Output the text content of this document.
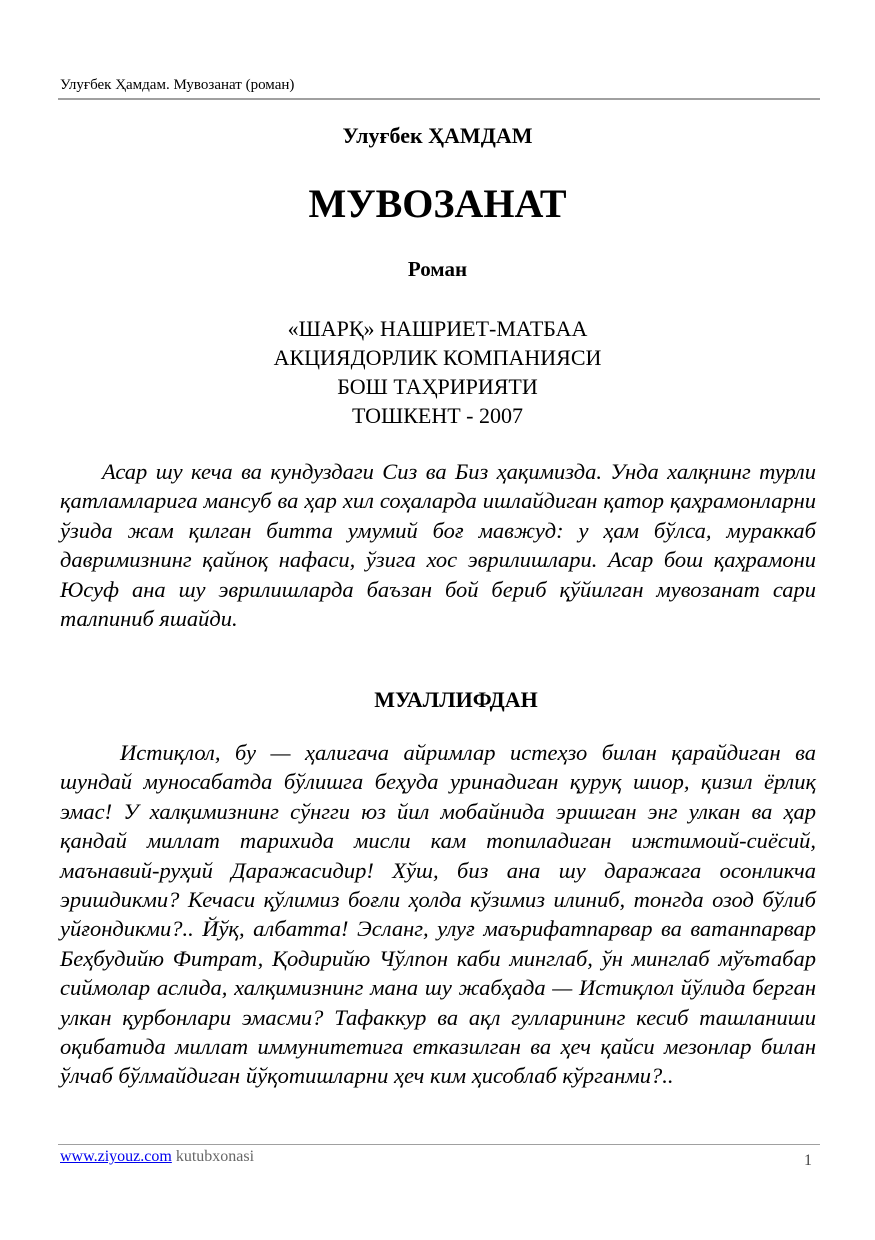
Улуғбек Ҳамдам. Мувозанат (роман)
Улуғбек ҲАМДАМ
МУВОЗАНАТ
Роман
«ШАРҚ» НАШРИЕТ-МАТБАА
АКЦИЯДОРЛИК КОМПАНИЯСИ
БОШ ТАҲРИРИЯТИ
ТОШКЕНТ - 2007

Асар шу кеча ва кундуздаги Сиз ва Биз ҳақимизда. Унда халқнинг турли қатламларига мансуб ва ҳар хил соҳаларда ишлайдиган қатор қаҳрамонларни ўзида жам қилган битта умумий боғ мавжуд: у ҳам бўлса, мураккаб давримизнинг қайноқ нафаси, ўзига хос эврилишлари. Асар бош қаҳрамони Юсуф ана шу эврилишларда баъзан бой бериб қўйилган мувозанат сари талпиниб яшайди.

МУАЛЛИФДАН

Истиқлол, бу — ҳалигача айримлар истеҳзо билан қарайдиган ва шундай муносабатда бўлишга беҳуда уринадиган қуруқ шиор, қизил ёрлиқ эмас! У халқимизнинг сўнгги юз йил мобайнида эришган энг улкан ва ҳар қандай миллат тарихида мисли кам топиладиган ижтимоий-сиёсий, маънавий-руҳий Даражасидир! Хўш, биз ана шу даражага осонликча эришдикми? Кечаси қўлимиз боғли ҳолда кўзимиз илиниб, тонгда озод бўлиб уйғондикми?.. Йўқ, албатта! Эсланг, улуғ маърифатпарвар ва ватанпарвар Беҳбудийю Фитрат, Қодирийю Чўлпон каби минглаб, ўн минглаб мўътабар сиймолар аслида, халқимизнинг мана шу жабҳада — Истиқлол йўлида берган улкан қурбонлари эмасми? Тафаккур ва ақл гулларининг кесиб ташланиши оқибатида миллат иммунитетига етказилган ва ҳеч қайси мезонлар билан ўлчаб бўлмайдиган йўқотишларни ҳеч ким ҳисоблаб кўрганми?..

www.ziyouz.com kutubxonasi	1
